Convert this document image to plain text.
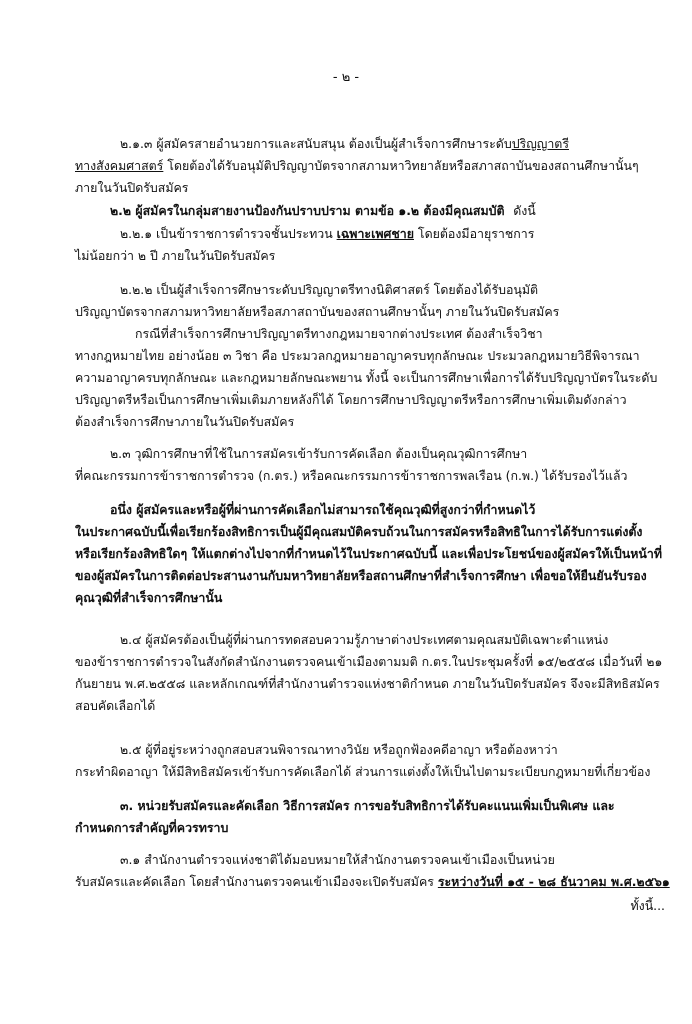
- ๒ -
๒.๑.๓ ผู้สมัครสายอำนวยการและสนับสนุน ต้องเป็นผู้สำเร็จการศึกษาระดับปริญญาตรี
ทางสังคมศาสตร์ โดยต้องได้รับอนุมัติปริญญาบัตรจากสภามหาวิทยาลัยหรือสภาสถาบันของสถานศึกษานั้นๆ
ภายในวันปิดรับสมัคร
๒.๒ ผู้สมัครในกลุ่มสายงานป้องกันปราบปราม ตามข้อ ๑.๒ ต้องมีคุณสมบัติ ดังนี้
๒.๒.๑ เป็นข้าราชการตำรวจชั้นประทวน เฉพาะเพศชาย โดยต้องมีอายุราชการ
ไม่น้อยกว่า ๒ ปี ภายในวันปิดรับสมัคร
๒.๒.๒ เป็นผู้สำเร็จการศึกษาระดับปริญญาตรีทางนิติศาสตร์ โดยต้องได้รับอนุมัติ
ปริญญาบัตรจากสภามหาวิทยาลัยหรือสภาสถาบันของสถานศึกษานั้นๆ ภายในวันปิดรับสมัคร
กรณีที่สำเร็จการศึกษาปริญญาตรีทางกฎหมายจากต่างประเทศ ต้องสำเร็จวิชา
ทางกฎหมายไทย อย่างน้อย ๓ วิชา คือ ประมวลกฎหมายอาญาครบทุกลักษณะ ประมวลกฎหมายวิธีพิจารณา
ความอาญาครบทุกลักษณะ และกฎหมายลักษณะพยาน ทั้งนี้ จะเป็นการศึกษาเพื่อการได้รับปริญญาบัตรในระดับ
ปริญญาตรีหรือเป็นการศึกษาเพิ่มเติมภายหลังก็ได้ โดยการศึกษาปริญญาตรีหรือการศึกษาเพิ่มเติมดังกล่าว
ต้องสำเร็จการศึกษาภายในวันปิดรับสมัคร
๒.๓ วุฒิการศึกษาที่ใช้ในการสมัครเข้ารับการคัดเลือก ต้องเป็นคุณวุฒิการศึกษา
ที่คณะกรรมการข้าราชการตำรวจ (ก.ตร.) หรือคณะกรรมการข้าราชการพลเรือน (ก.พ.) ได้รับรองไว้แล้ว
อนึ่ง ผู้สมัครและหรือผู้ที่ผ่านการคัดเลือกไม่สามารถใช้คุณวุฒิที่สูงกว่าที่กำหนดไว้
ในประกาศฉบับนี้เพื่อเรียกร้องสิทธิการเป็นผู้มีคุณสมบัติครบถ้วนในการสมัครหรือสิทธิในการได้รับการแต่งตั้ง
หรือเรียกร้องสิทธิใดๆ ให้แตกต่างไปจากที่กำหนดไว้ในประกาศฉบับนี้ และเพื่อประโยชน์ของผู้สมัครให้เป็นหน้าที่
ของผู้สมัครในการติดต่อประสานงานกับมหาวิทยาลัยหรือสถานศึกษาที่สำเร็จการศึกษา เพื่อขอให้ยืนยันรับรอง
คุณวุฒิที่สำเร็จการศึกษานั้น
๒.๔ ผู้สมัครต้องเป็นผู้ที่ผ่านการทดสอบความรู้ภาษาต่างประเทศตามคุณสมบัติเฉพาะตำแหน่ง
ของข้าราชการตำรวจในสังกัดสำนักงานตรวจคนเข้าเมืองตามมติ ก.ตร.ในประชุมครั้งที่ ๑๕/๒๕๕๘ เมื่อวันที่ ๒๑
กันยายน พ.ศ.๒๕๕๘ และหลักเกณฑ์ที่สำนักงานตำรวจแห่งชาติกำหนด ภายในวันปิดรับสมัคร จึงจะมีสิทธิสมัคร
สอบคัดเลือกได้
๒.๕ ผู้ที่อยู่ระหว่างถูกสอบสวนพิจารณาทางวินัย หรือถูกฟ้องคดีอาญา หรือต้องหาว่า
กระทำผิดอาญา ให้มีสิทธิสมัครเข้ารับการคัดเลือกได้ ส่วนการแต่งตั้งให้เป็นไปตามระเบียบกฎหมายที่เกี่ยวข้อง
๓. หน่วยรับสมัครและคัดเลือก วิธีการสมัคร การขอรับสิทธิการได้รับคะแนนเพิ่มเป็นพิเศษ และ
กำหนดการสำคัญที่ควรทราบ
๓.๑ สำนักงานตำรวจแห่งชาติได้มอบหมายให้สำนักงานตรวจคนเข้าเมืองเป็นหน่วย
รับสมัครและคัดเลือก โดยสำนักงานตรวจคนเข้าเมืองจะเปิดรับสมัคร ระหว่างวันที่ ๑๕ - ๒๘ ธันวาคม พ.ศ.๒๕๖๑
ทั้งนี้...
